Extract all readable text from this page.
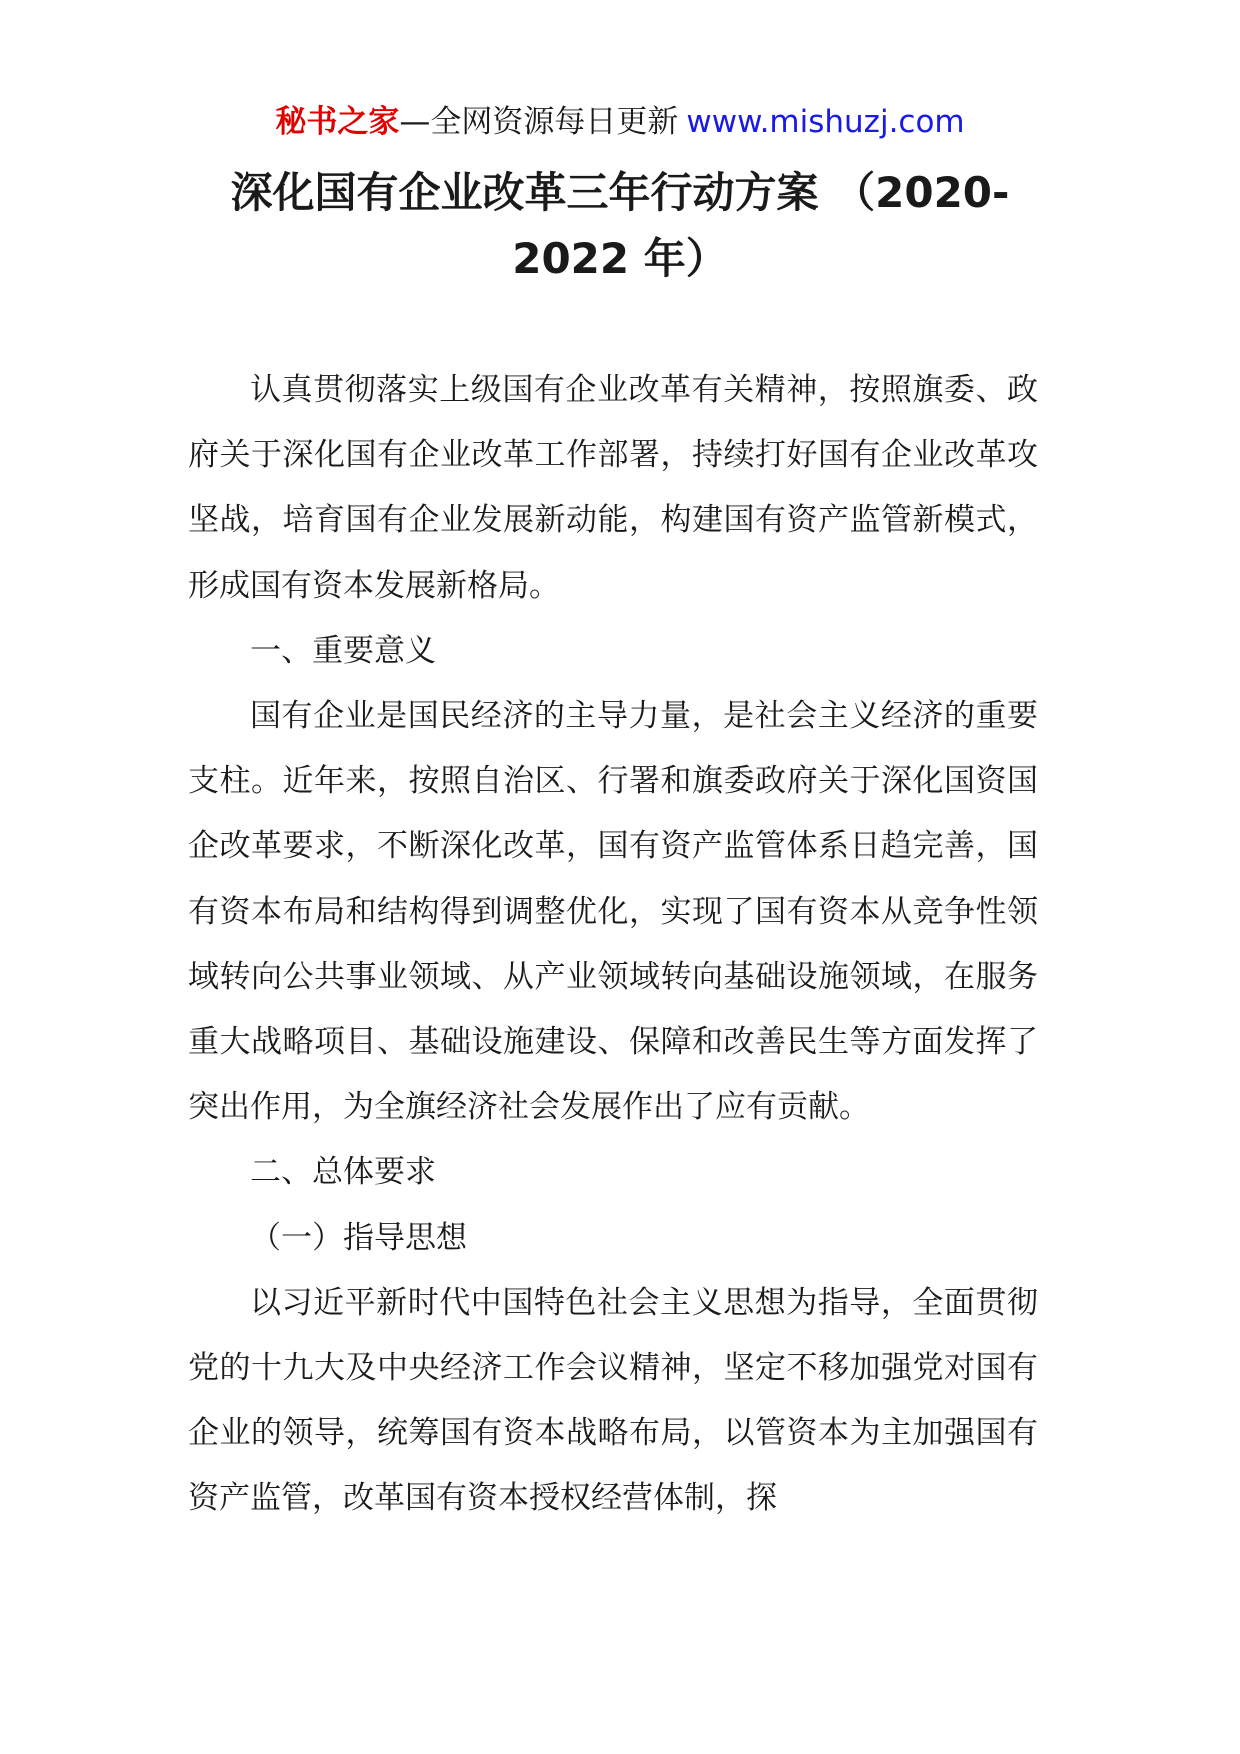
秘书之家—全网资源每日更新 www.mishuzj.com
深化国有企业改革三年行动方案 （2020-
2022 年）

认真贯彻落实上级国有企业改革有关精神，按照旗委、政府关于深化国有企业改革工作部署，持续打好国有企业改革攻坚战，培育国有企业发展新动能，构建国有资产监管新模式，形成国有资本发展新格局。

一、重要意义

国有企业是国民经济的主导力量，是社会主义经济的重要支柱。近年来，按照自治区、行署和旗委政府关于深化国资国企改革要求，不断深化改革，国有资产监管体系日趋完善，国有资本布局和结构得到调整优化，实现了国有资本从竞争性领域转向公共事业领域、从产业领域转向基础设施领域，在服务重大战略项目、基础设施建设、保障和改善民生等方面发挥了突出作用，为全旗经济社会发展作出了应有贡献。

二、总体要求

（一）指导思想

以习近平新时代中国特色社会主义思想为指导，全面贯彻党的十九大及中央经济工作会议精神，坚定不移加强党对国有企业的领导，统筹国有资本战略布局，以管资本为主加强国有资产监管，改革国有资本授权经营体制，探
